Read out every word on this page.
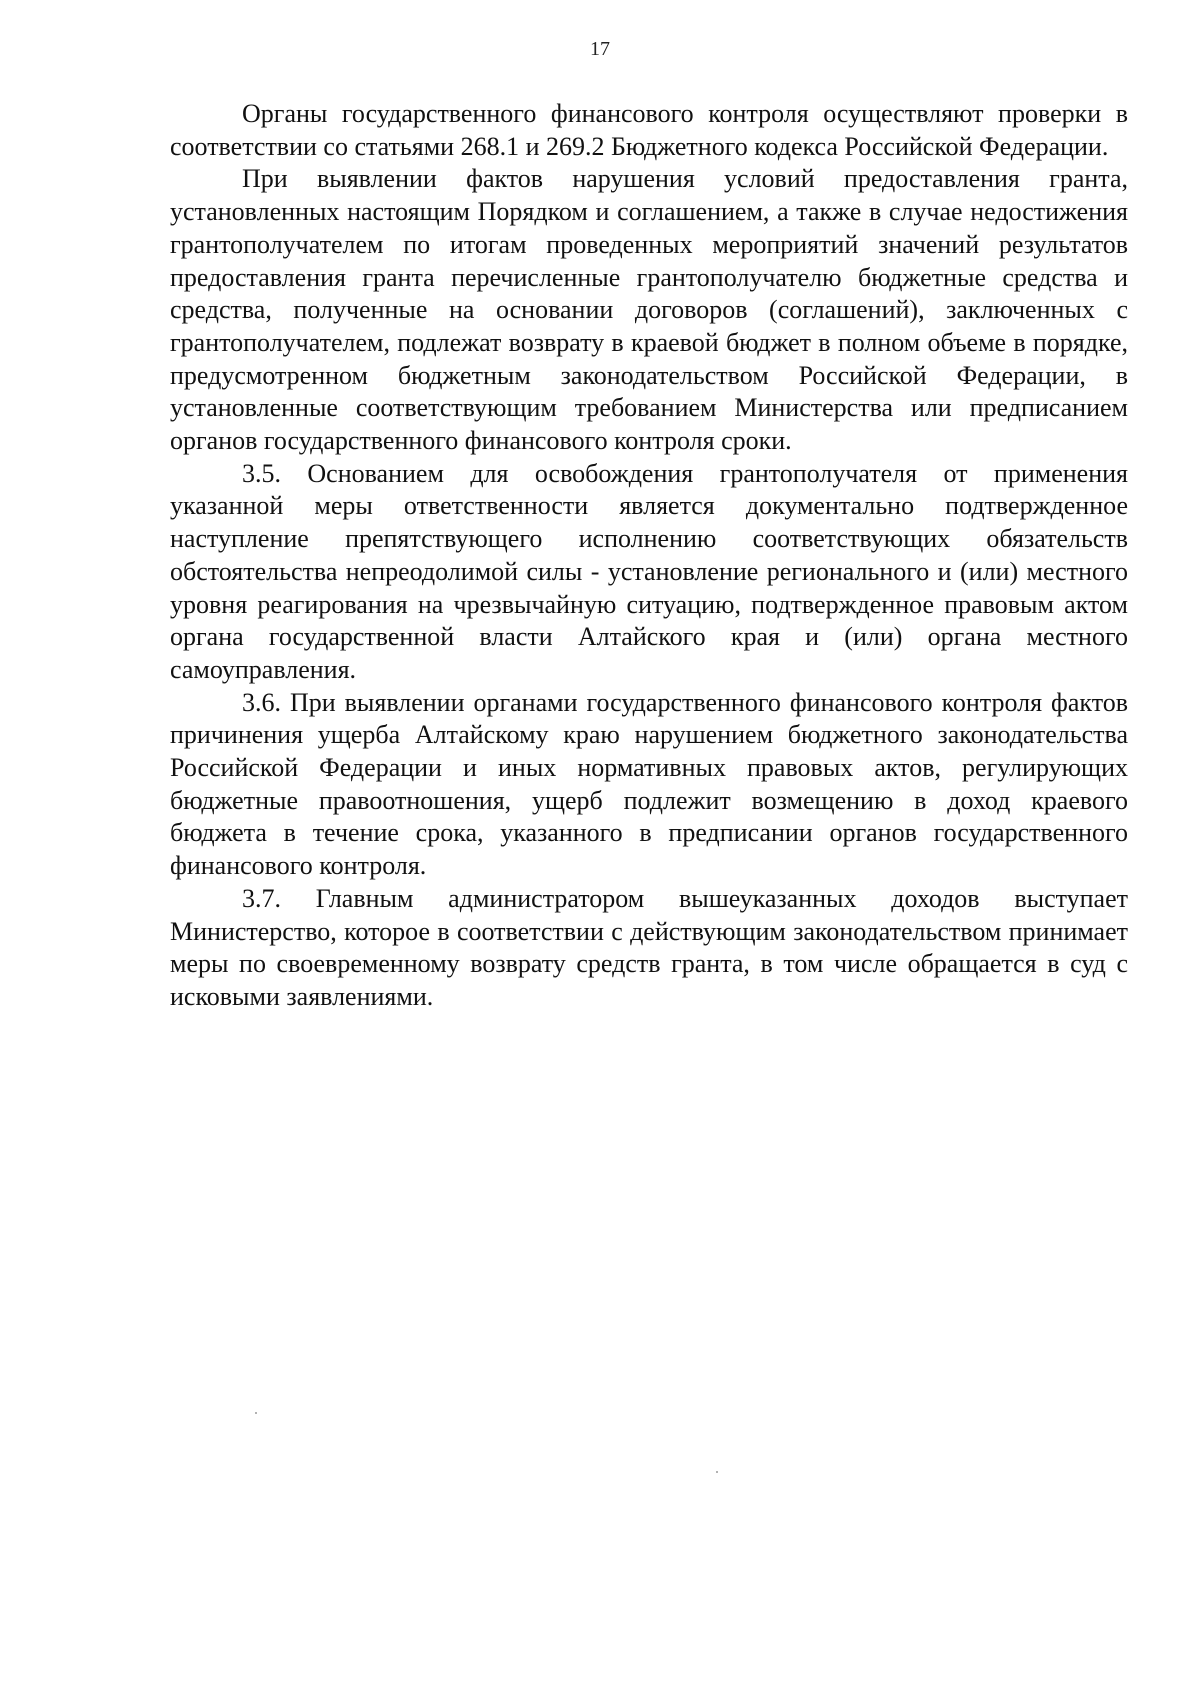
17

Органы государственного финансового контроля осуществляют проверки в соответствии со статьями 268.1 и 269.2 Бюджетного кодекса Российской Федерации.

При выявлении фактов нарушения условий предоставления гранта, установленных настоящим Порядком и соглашением, а также в случае недостижения грантополучателем по итогам проведенных мероприятий значений результатов предоставления гранта перечисленные грантополучателю бюджетные средства и средства, полученные на основании договоров (соглашений), заключенных с грантополучателем, подлежат возврату в краевой бюджет в полном объеме в порядке, предусмотренном бюджетным законодательством Российской Федерации, в установленные соответствующим требованием Министерства или предписанием органов государственного финансового контроля сроки.

3.5. Основанием для освобождения грантополучателя от применения указанной меры ответственности является документально подтвержденное наступление препятствующего исполнению соответствующих обязательств обстоятельства непреодолимой силы - установление регионального и (или) местного уровня реагирования на чрезвычайную ситуацию, подтвержденное правовым актом органа государственной власти Алтайского края и (или) органа местного самоуправления.

3.6. При выявлении органами государственного финансового контроля фактов причинения ущерба Алтайскому краю нарушением бюджетного законодательства Российской Федерации и иных нормативных правовых актов, регулирующих бюджетные правоотношения, ущерб подлежит возмещению в доход краевого бюджета в течение срока, указанного в предписании органов государственного финансового контроля.

3.7. Главным администратором вышеуказанных доходов выступает Министерство, которое в соответствии с действующим законодательством принимает меры по своевременному возврату средств гранта, в том числе обращается в суд с исковыми заявлениями.
